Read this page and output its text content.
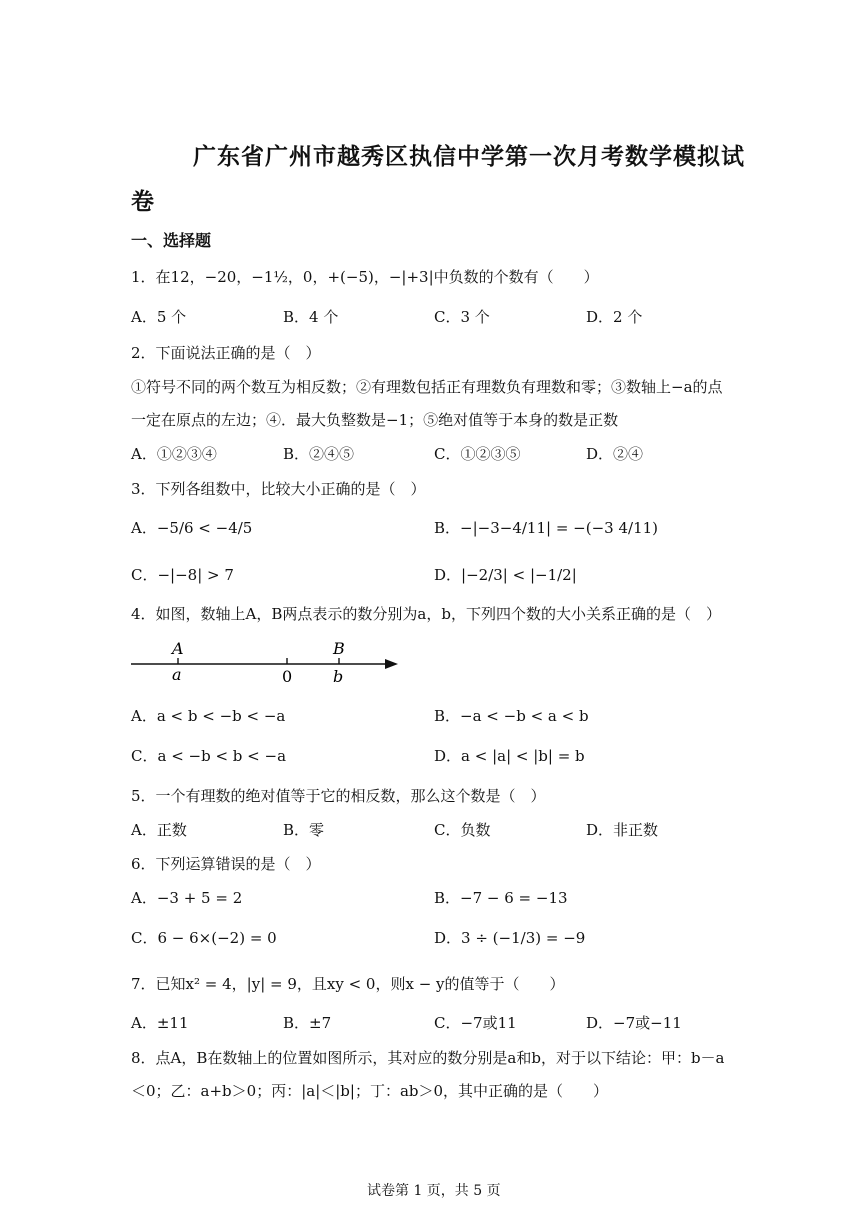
广东省广州市越秀区执信中学第一次月考数学模拟试
卷
一、选择题
1．在12，−20，−1½，0，+(−5)，−|+3|中负数的个数有（　　）
A．5 个	B．4 个	C．3 个	D．2 个
2．下面说法正确的是（　）
①符号不同的两个数互为相反数；②有理数包括正有理数负有理数和零；③数轴上−a的点
一定在原点的左边；④．最大负整数是−1；⑤绝对值等于本身的数是正数
A．①②③④	B．②④⑤	C．①②③⑤	D．②④
3．下列各组数中，比较大小正确的是（　）
A．−5/6 < −4/5	B．−|−3−4/11| = −(−3 4/11)
C．−|−8| > 7	D．|−2/3| < |−1/2|
4．如图，数轴上A，B两点表示的数分别为a，b，下列四个数的大小关系正确的是（　）
A
a	0
B
b
A．a < b < −b < −a	B．−a < −b < a < b
C．a < −b < b < −a	D．a < |a| < |b| = b
5．一个有理数的绝对值等于它的相反数，那么这个数是（　）
A．正数	B．零	C．负数	D．非正数
6．下列运算错误的是（　）
A．−3 + 5 = 2	B．−7 − 6 = −13
C．6 − 6×(−2) = 0	D．3 ÷ (−1/3) = −9
7．已知x² = 4，|y| = 9，且xy < 0，则x − y的值等于（　　）
A．±11	B．±7	C．−7或11	D．−7或−11
8．点A，B在数轴上的位置如图所示，其对应的数分别是a和b，对于以下结论：甲：b－a
＜0；乙：a+b＞0；丙：|a|＜|b|；丁：ab＞0，其中正确的是（　　）
试卷第 1 页，共 5 页
